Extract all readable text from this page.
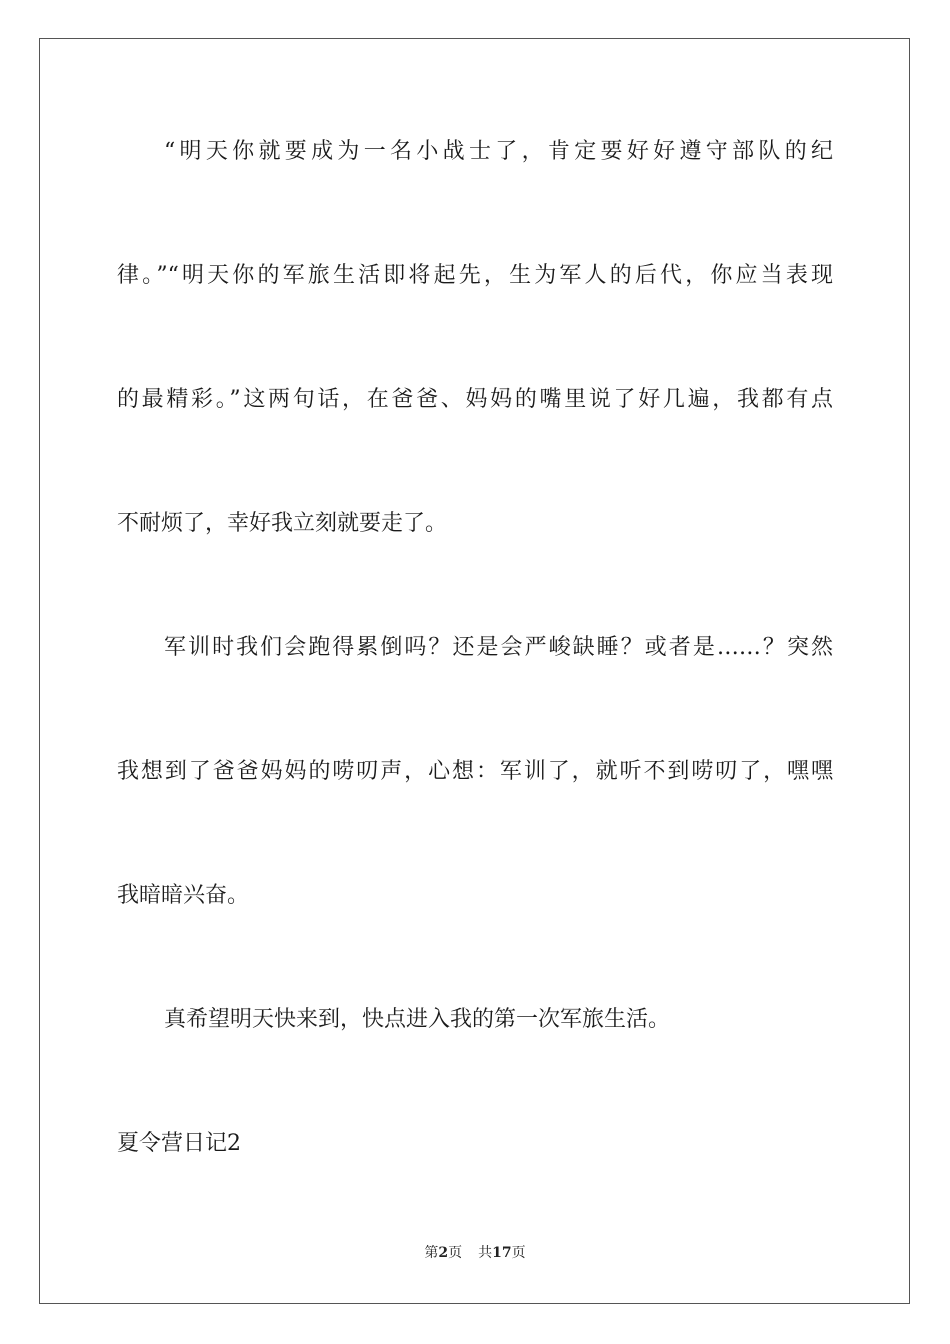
“明天你就要成为一名小战士了，肯定要好好遵守部队的纪
律。”“明天你的军旅生活即将起先，生为军人的后代，你应当表现
的最精彩。”这两句话，在爸爸、妈妈的嘴里说了好几遍，我都有点
不耐烦了，幸好我立刻就要走了。
军训时我们会跑得累倒吗？还是会严峻缺睡？或者是……？突然
我想到了爸爸妈妈的唠叨声，心想：军训了，就听不到唠叨了，嘿嘿
我暗暗兴奋。
真希望明天快来到，快点进入我的第一次军旅生活。
夏令营日记2
第2页 共17页
